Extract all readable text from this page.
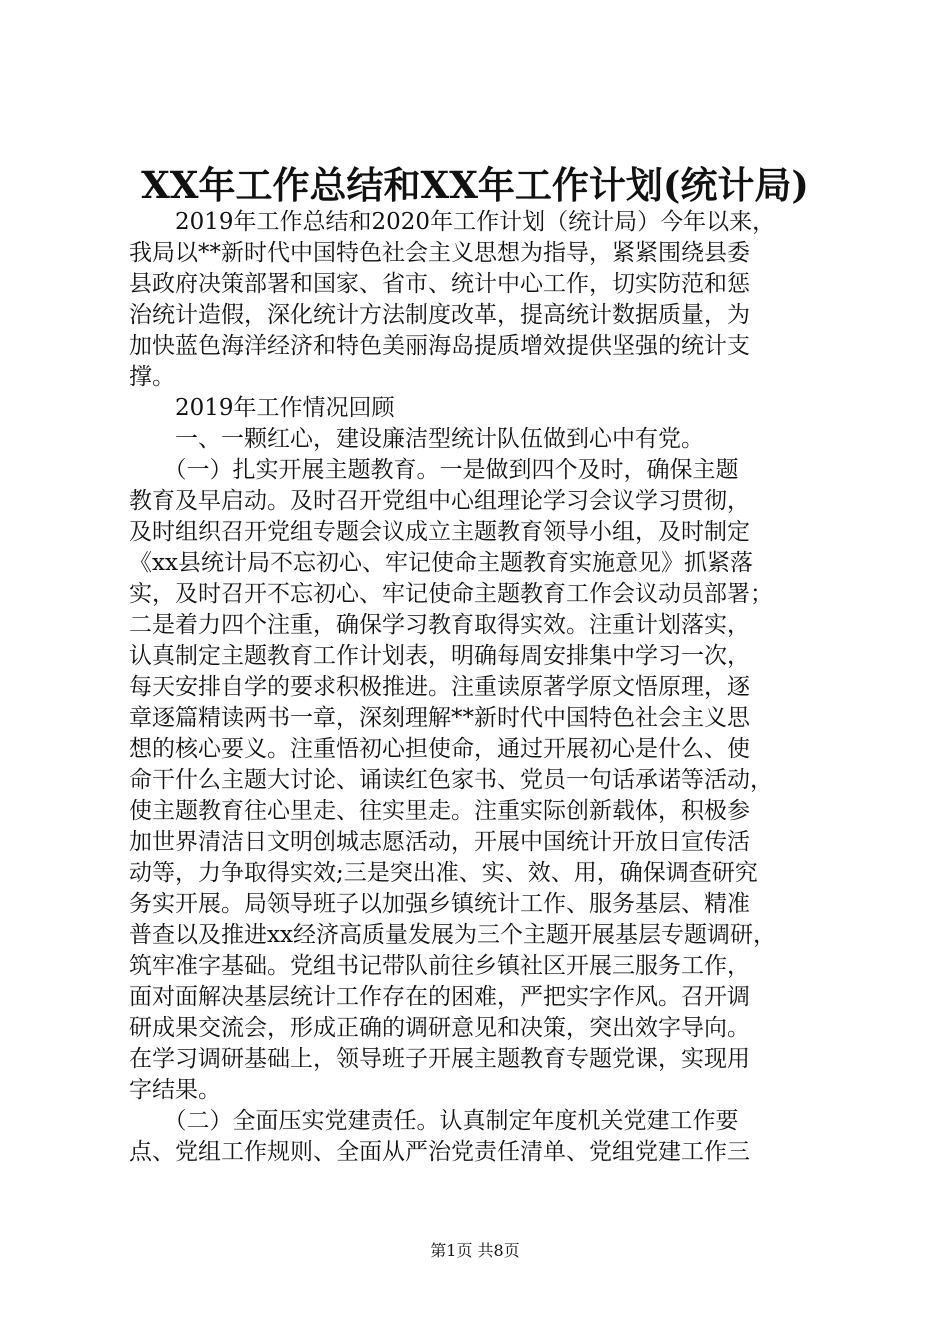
XX年工作总结和XX年工作计划(统计局)
　　2019年工作总结和2020年工作计划（统计局）今年以来，
我局以**新时代中国特色社会主义思想为指导，紧紧围绕县委
县政府决策部署和国家、省市、统计中心工作，切实防范和惩
治统计造假，深化统计方法制度改革，提高统计数据质量，为
加快蓝色海洋经济和特色美丽海岛提质增效提供坚强的统计支
撑。
　　2019年工作情况回顾
　　一、一颗红心，建设廉洁型统计队伍做到心中有党。
　　（一）扎实开展主题教育。一是做到四个及时，确保主题
教育及早启动。及时召开党组中心组理论学习会议学习贯彻，
及时组织召开党组专题会议成立主题教育领导小组，及时制定
《xx县统计局不忘初心、牢记使命主题教育实施意见》抓紧落
实，及时召开不忘初心、牢记使命主题教育工作会议动员部署；
二是着力四个注重，确保学习教育取得实效。注重计划落实，
认真制定主题教育工作计划表，明确每周安排集中学习一次，
每天安排自学的要求积极推进。注重读原著学原文悟原理，逐
章逐篇精读两书一章，深刻理解**新时代中国特色社会主义思
想的核心要义。注重悟初心担使命，通过开展初心是什么、使
命干什么主题大讨论、诵读红色家书、党员一句话承诺等活动，
使主题教育往心里走、往实里走。注重实际创新载体，积极参
加世界清洁日文明创城志愿活动，开展中国统计开放日宣传活
动等，力争取得实效;三是突出准、实、效、用，确保调查研究
务实开展。局领导班子以加强乡镇统计工作、服务基层、精准
普查以及推进xx经济高质量发展为三个主题开展基层专题调研，
筑牢准字基础。党组书记带队前往乡镇社区开展三服务工作，
面对面解决基层统计工作存在的困难，严把实字作风。召开调
研成果交流会，形成正确的调研意见和决策，突出效字导向。
在学习调研基础上，领导班子开展主题教育专题党课，实现用
字结果。
　　（二）全面压实党建责任。认真制定年度机关党建工作要
点、党组工作规则、全面从严治党责任清单、党组党建工作三
第1页 共8页
